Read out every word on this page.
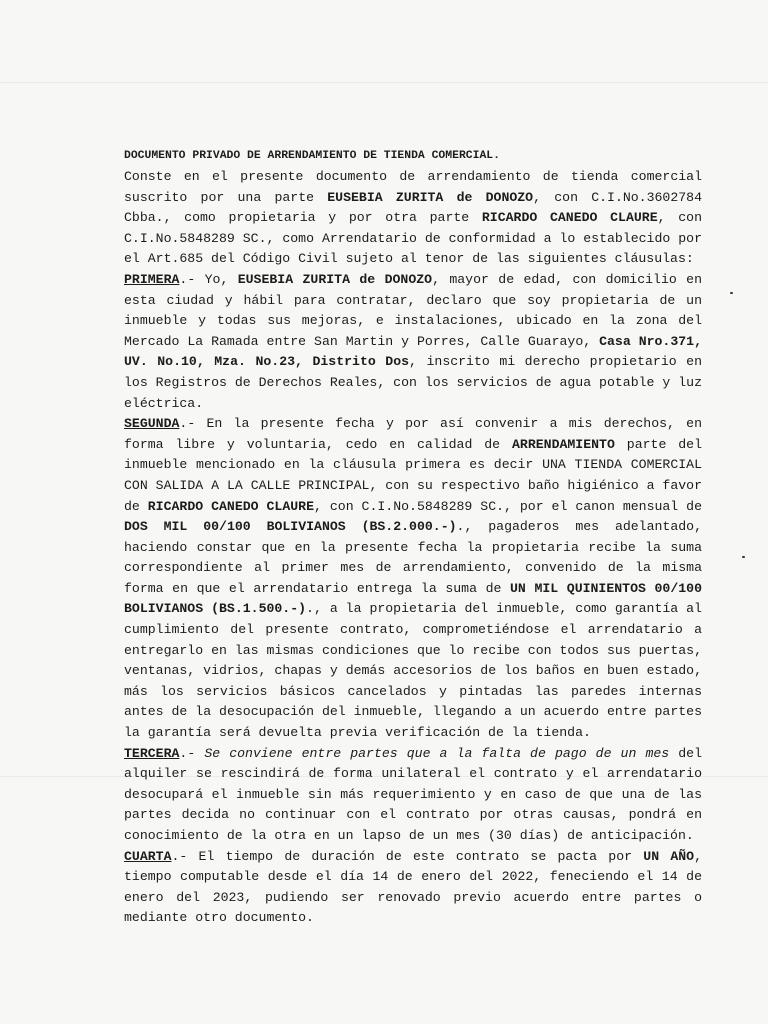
DOCUMENTO PRIVADO DE ARRENDAMIENTO DE TIENDA COMERCIAL.

Conste en el presente documento de arrendamiento de tienda comercial suscrito por una parte EUSEBIA ZURITA de DONOZO, con C.I.No.3602784 Cbba., como propietaria y por otra parte RICARDO CANEDO CLAURE, con C.I.No.5848289 SC., como Arrendatario de conformidad a lo establecido por el Art.685 del Código Civil sujeto al tenor de las siguientes cláusulas:

PRIMERA.- Yo, EUSEBIA ZURITA de DONOZO, mayor de edad, con domicilio en esta ciudad y hábil para contratar, declaro que soy propietaria de un inmueble y todas sus mejoras, e instalaciones, ubicado en la zona del Mercado La Ramada entre San Martin y Porres, Calle Guarayo, Casa Nro.371, UV. No.10, Mza. No.23, Distrito Dos, inscrito mi derecho propietario en los Registros de Derechos Reales, con los servicios de agua potable y luz eléctrica.

SEGUNDA.- En la presente fecha y por así convenir a mis derechos, en forma libre y voluntaria, cedo en calidad de ARRENDAMIENTO parte del inmueble mencionado en la cláusula primera es decir UNA TIENDA COMERCIAL CON SALIDA A LA CALLE PRINCIPAL, con su respectivo baño higiénico a favor de RICARDO CANEDO CLAURE, con C.I.No.5848289 SC., por el canon mensual de DOS MIL 00/100 BOLIVIANOS (BS.2.000.-)., pagaderos mes adelantado, haciendo constar que en la presente fecha la propietaria recibe la suma correspondiente al primer mes de arrendamiento, convenido de la misma forma en que el arrendatario entrega la suma de UN MIL QUINIENTOS 00/100 BOLIVIANOS (BS.1.500.-)., a la propietaria del inmueble, como garantía al cumplimiento del presente contrato, comprometiéndose el arrendatario a entregarlo en las mismas condiciones que lo recibe con todos sus puertas, ventanas, vidrios, chapas y demás accesorios de los baños en buen estado, más los servicios básicos cancelados y pintadas las paredes internas antes de la desocupación del inmueble, llegando a un acuerdo entre partes la garantía será devuelta previa verificación de la tienda.

TERCERA.- Se conviene entre partes que a la falta de pago de un mes del alquiler se rescindirá de forma unilateral el contrato y el arrendatario desocupará el inmueble sin más requerimiento y en caso de que una de las partes decida no continuar con el contrato por otras causas, pondrá en conocimiento de la otra en un lapso de un mes (30 días) de anticipación.

CUARTA.- El tiempo de duración de este contrato se pacta por UN AÑO, tiempo computable desde el día 14 de enero del 2022, feneciendo el 14 de enero del 2023, pudiendo ser renovado previo acuerdo entre partes o mediante otro documento.
